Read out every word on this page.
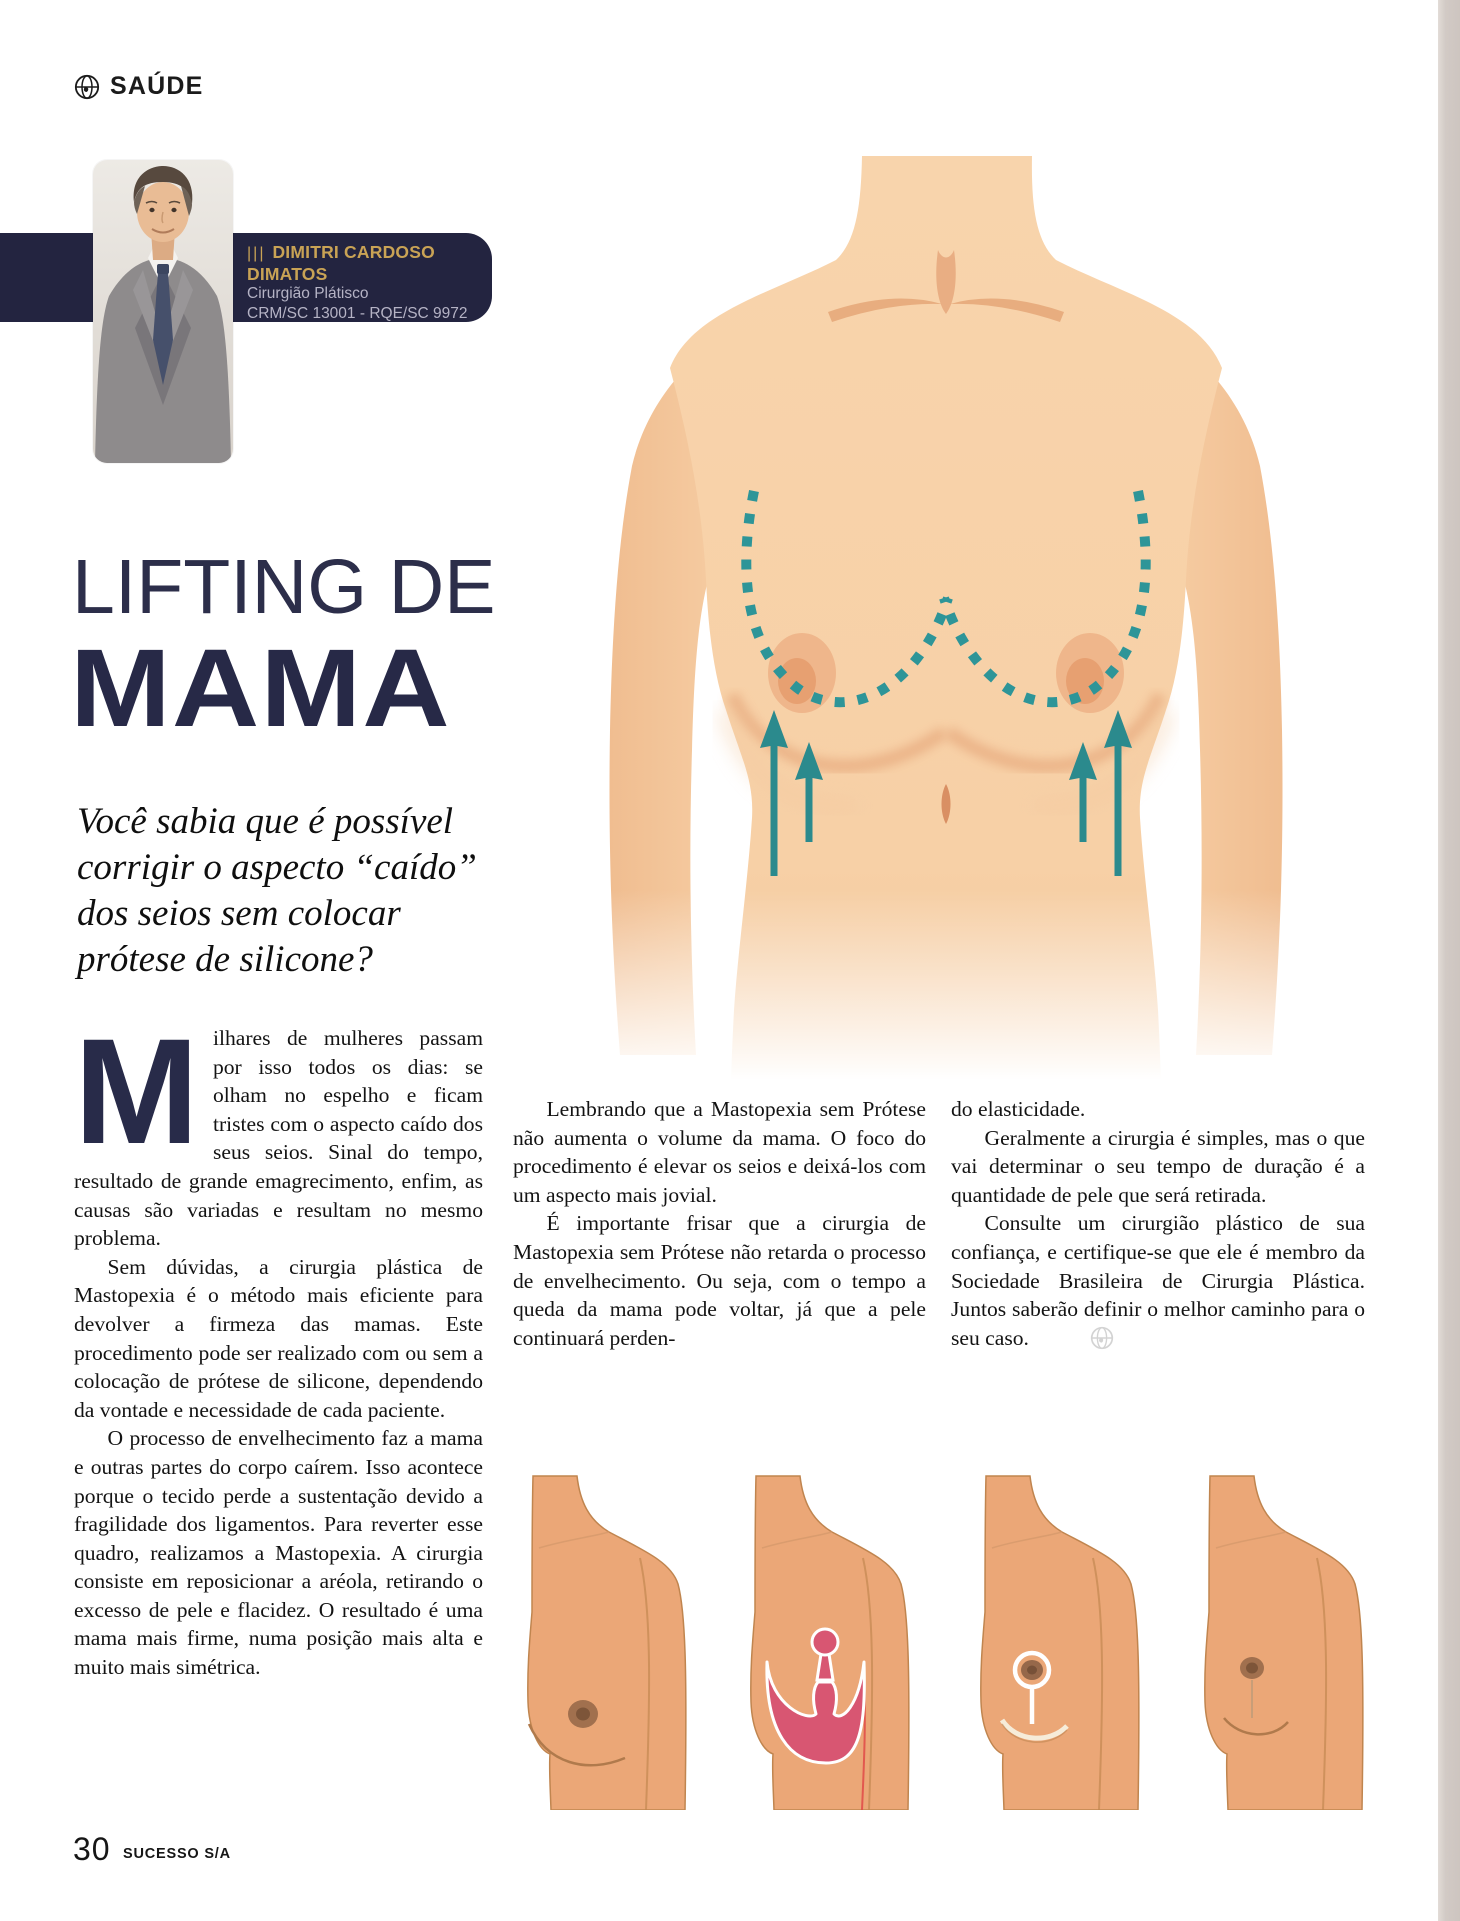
SAÚDE
||| DIMITRI CARDOSO DIMATOS
Cirurgião Plátisco
CRM/SC 13001 - RQE/SC 9972
LIFTING DE
MAMA
Você sabia que é possível
corrigir o aspecto “caído”
dos seios sem colocar
prótese de silicone?

Milhares de mulheres passam por isso todos os dias: se olham no espelho e ficam tristes com o aspecto caído dos seus seios. Sinal do tempo, resultado de grande emagrecimento, enfim, as causas são variadas e resultam no mesmo problema.

Sem dúvidas, a cirurgia plástica de Mastopexia é o método mais eficiente para devolver a firmeza das mamas. Este procedimento pode ser realizado com ou sem a colocação de prótese de silicone, dependendo da vontade e necessidade de cada paciente.

O processo de envelhecimento faz a mama e outras partes do corpo caírem. Isso acontece porque o tecido perde a sustentação devido a fragilidade dos ligamentos. Para reverter esse quadro, realizamos a Mastopexia. A cirurgia consiste em reposicionar a aréola, retirando o excesso de pele e flacidez. O resultado é uma mama mais firme, numa posição mais alta e muito mais simétrica.

Lembrando que a Mastopexia sem Prótese não aumenta o volume da mama. O foco do procedimento é elevar os seios e deixá-los com um aspecto mais jovial.

É importante frisar que a cirurgia de Mastopexia sem Prótese não retarda o processo de envelhecimento. Ou seja, com o tempo a queda da mama pode voltar, já que a pele continuará perden-

do elasticidade.

Geralmente a cirurgia é simples, mas o que vai determinar o seu tempo de duração é a quantidade de pele que será retirada.

Consulte um cirurgião plástico de sua confiança, e certifique-se que ele é membro da Sociedade Brasileira de Cirurgia Plástica. Juntos saberão definir o melhor caminho para o seu caso.

30 SUCESSO S/A
